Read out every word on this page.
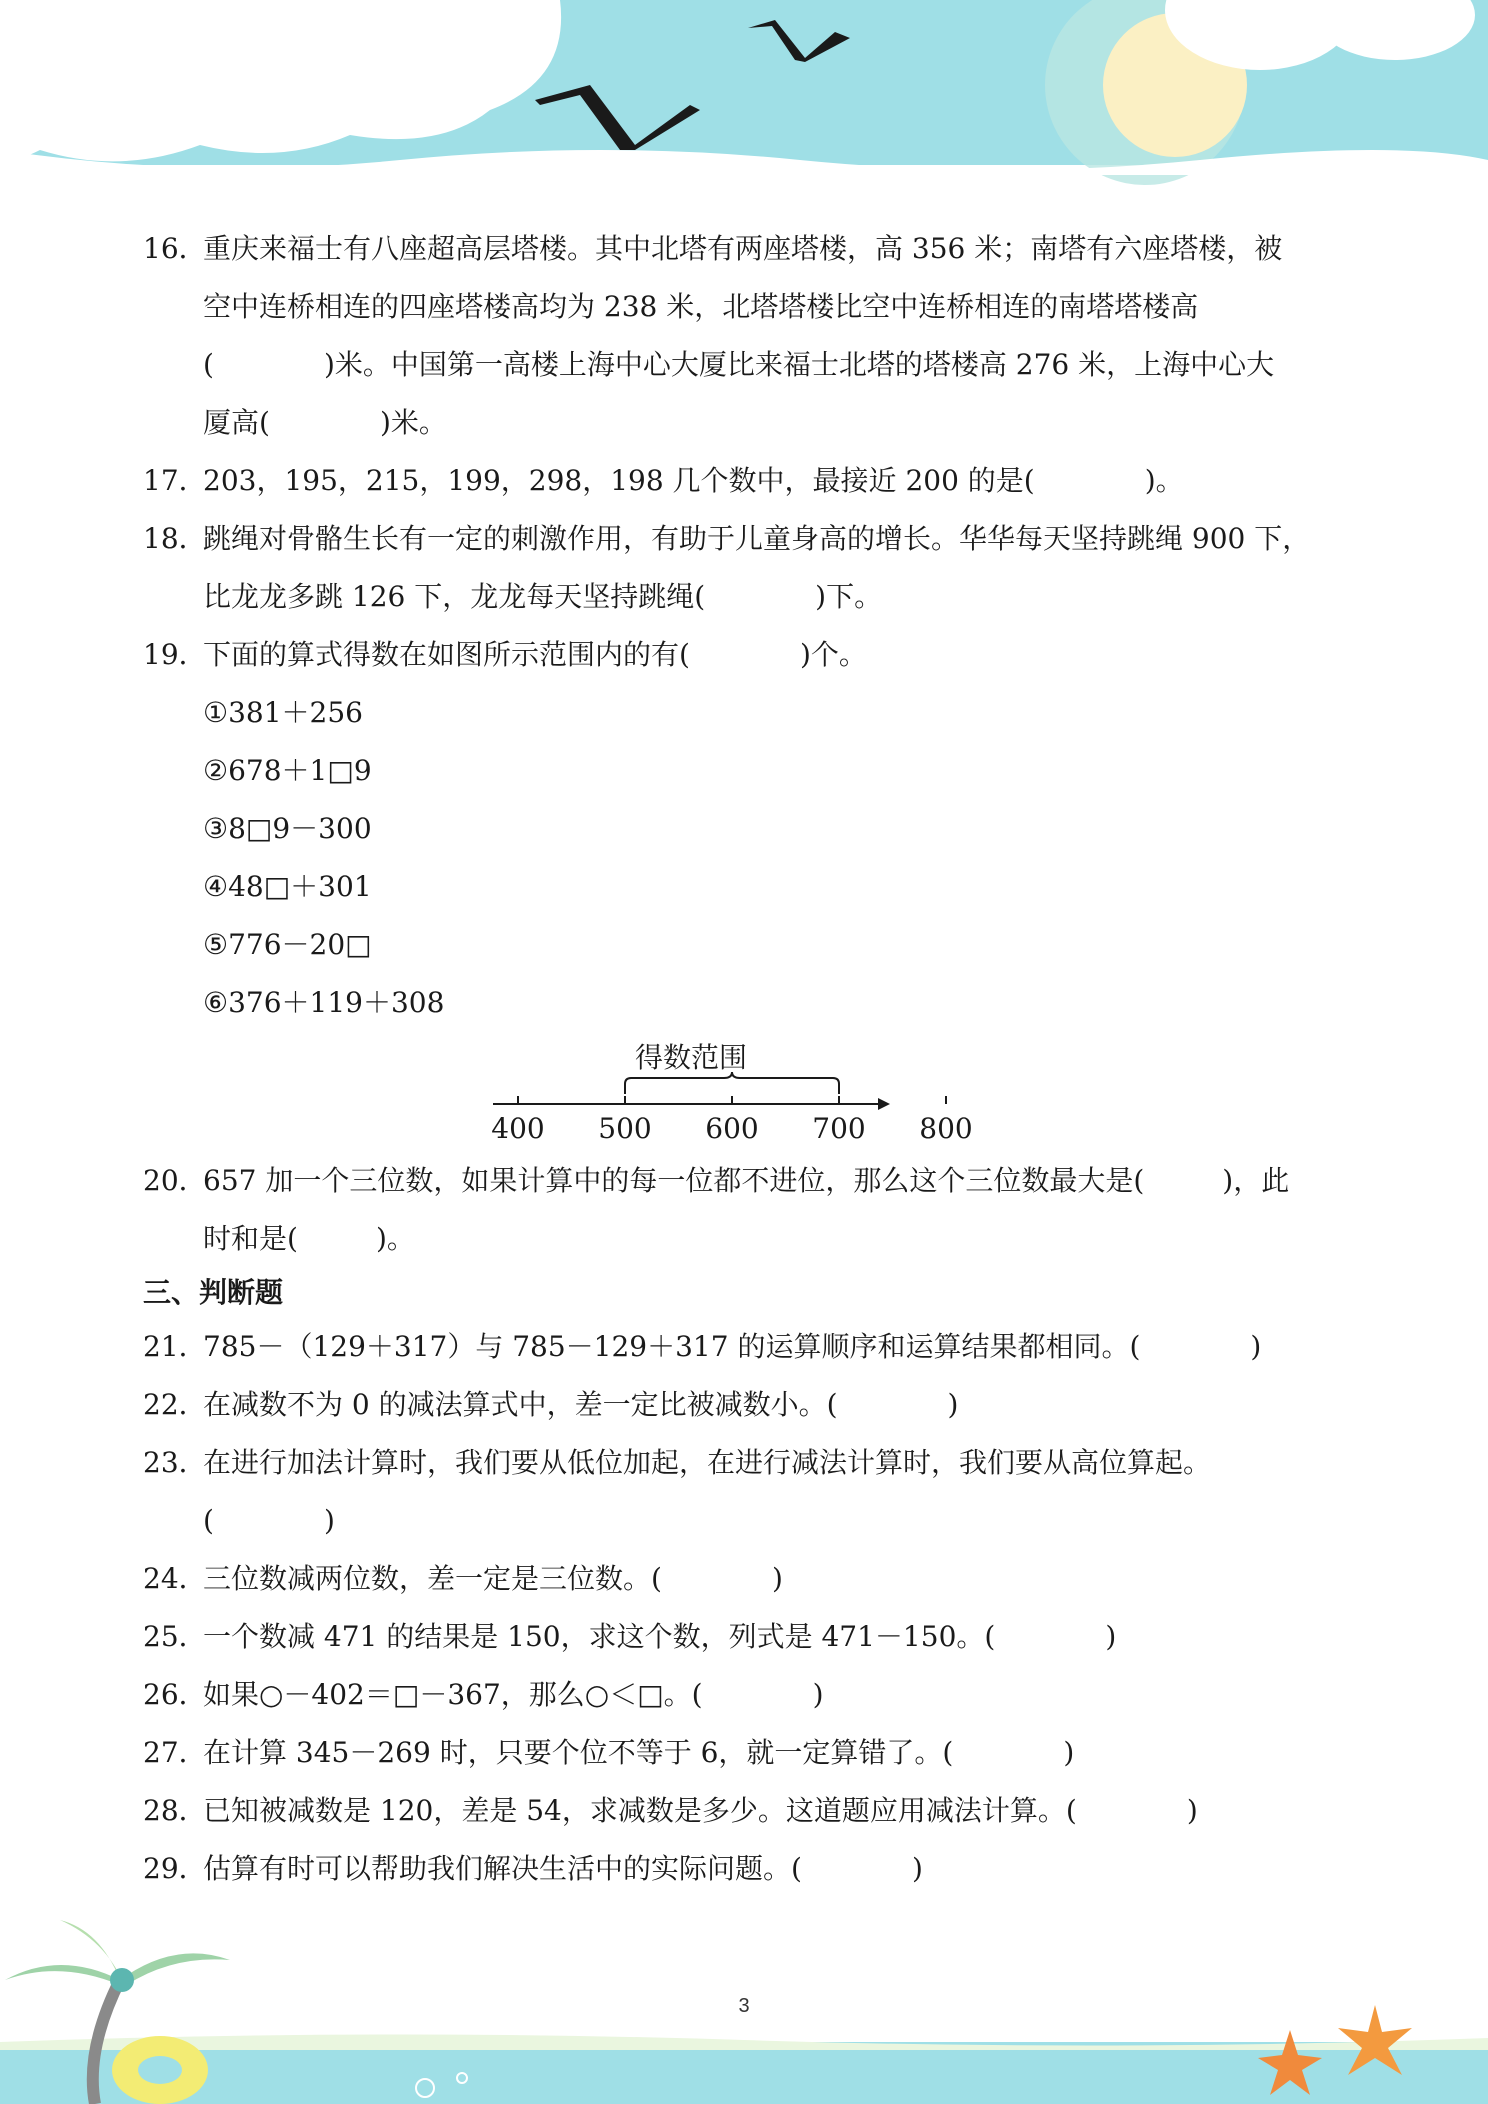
16．
重庆来福士有八座超高层塔楼。其中北塔有两座塔楼，高 356 米；南塔有六座塔楼，被
空中连桥相连的四座塔楼高均为 238 米，北塔塔楼比空中连桥相连的南塔塔楼高
(	)米。中国第一高楼上海中心大厦比来福士北塔的塔楼高 276 米，上海中心大
厦高(	)米。
17．
203，195，215，199，298，198 几个数中，最接近 200 的是(	)。
18．
跳绳对骨骼生长有一定的刺激作用，有助于儿童身高的增长。华华每天坚持跳绳 900 下，
比龙龙多跳 126 下，龙龙每天坚持跳绳(	)下。
19．
下面的算式得数在如图所示范围内的有(	)个。
①381＋256
②678＋1□9
③8□9－300
④48□＋301
⑤776－20□
⑥376＋119＋308
得数范围
400 500 600 700 800
20．
657 加一个三位数，如果计算中的每一位都不进位，那么这个三位数最大是(	)，此
时和是(	)。
三、判断题
21．
785－（129＋317）与 785－129＋317 的运算顺序和运算结果都相同。(	)
22．
在减数不为 0 的减法算式中，差一定比被减数小。(	)
23．
在进行加法计算时，我们要从低位加起，在进行减法计算时，我们要从高位算起。
(	)
24．
三位数减两位数，差一定是三位数。(	)
25．
一个数减 471 的结果是 150，求这个数，列式是 471－150。(	)
26．
如果○－402＝□－367，那么○＜□。(	)
27．
在计算 345－269 时，只要个位不等于 6，就一定算错了。(	)
28．
已知被减数是 120，差是 54，求减数是多少。这道题应用减法计算。(	)
29．
估算有时可以帮助我们解决生活中的实际问题。(	)
3
